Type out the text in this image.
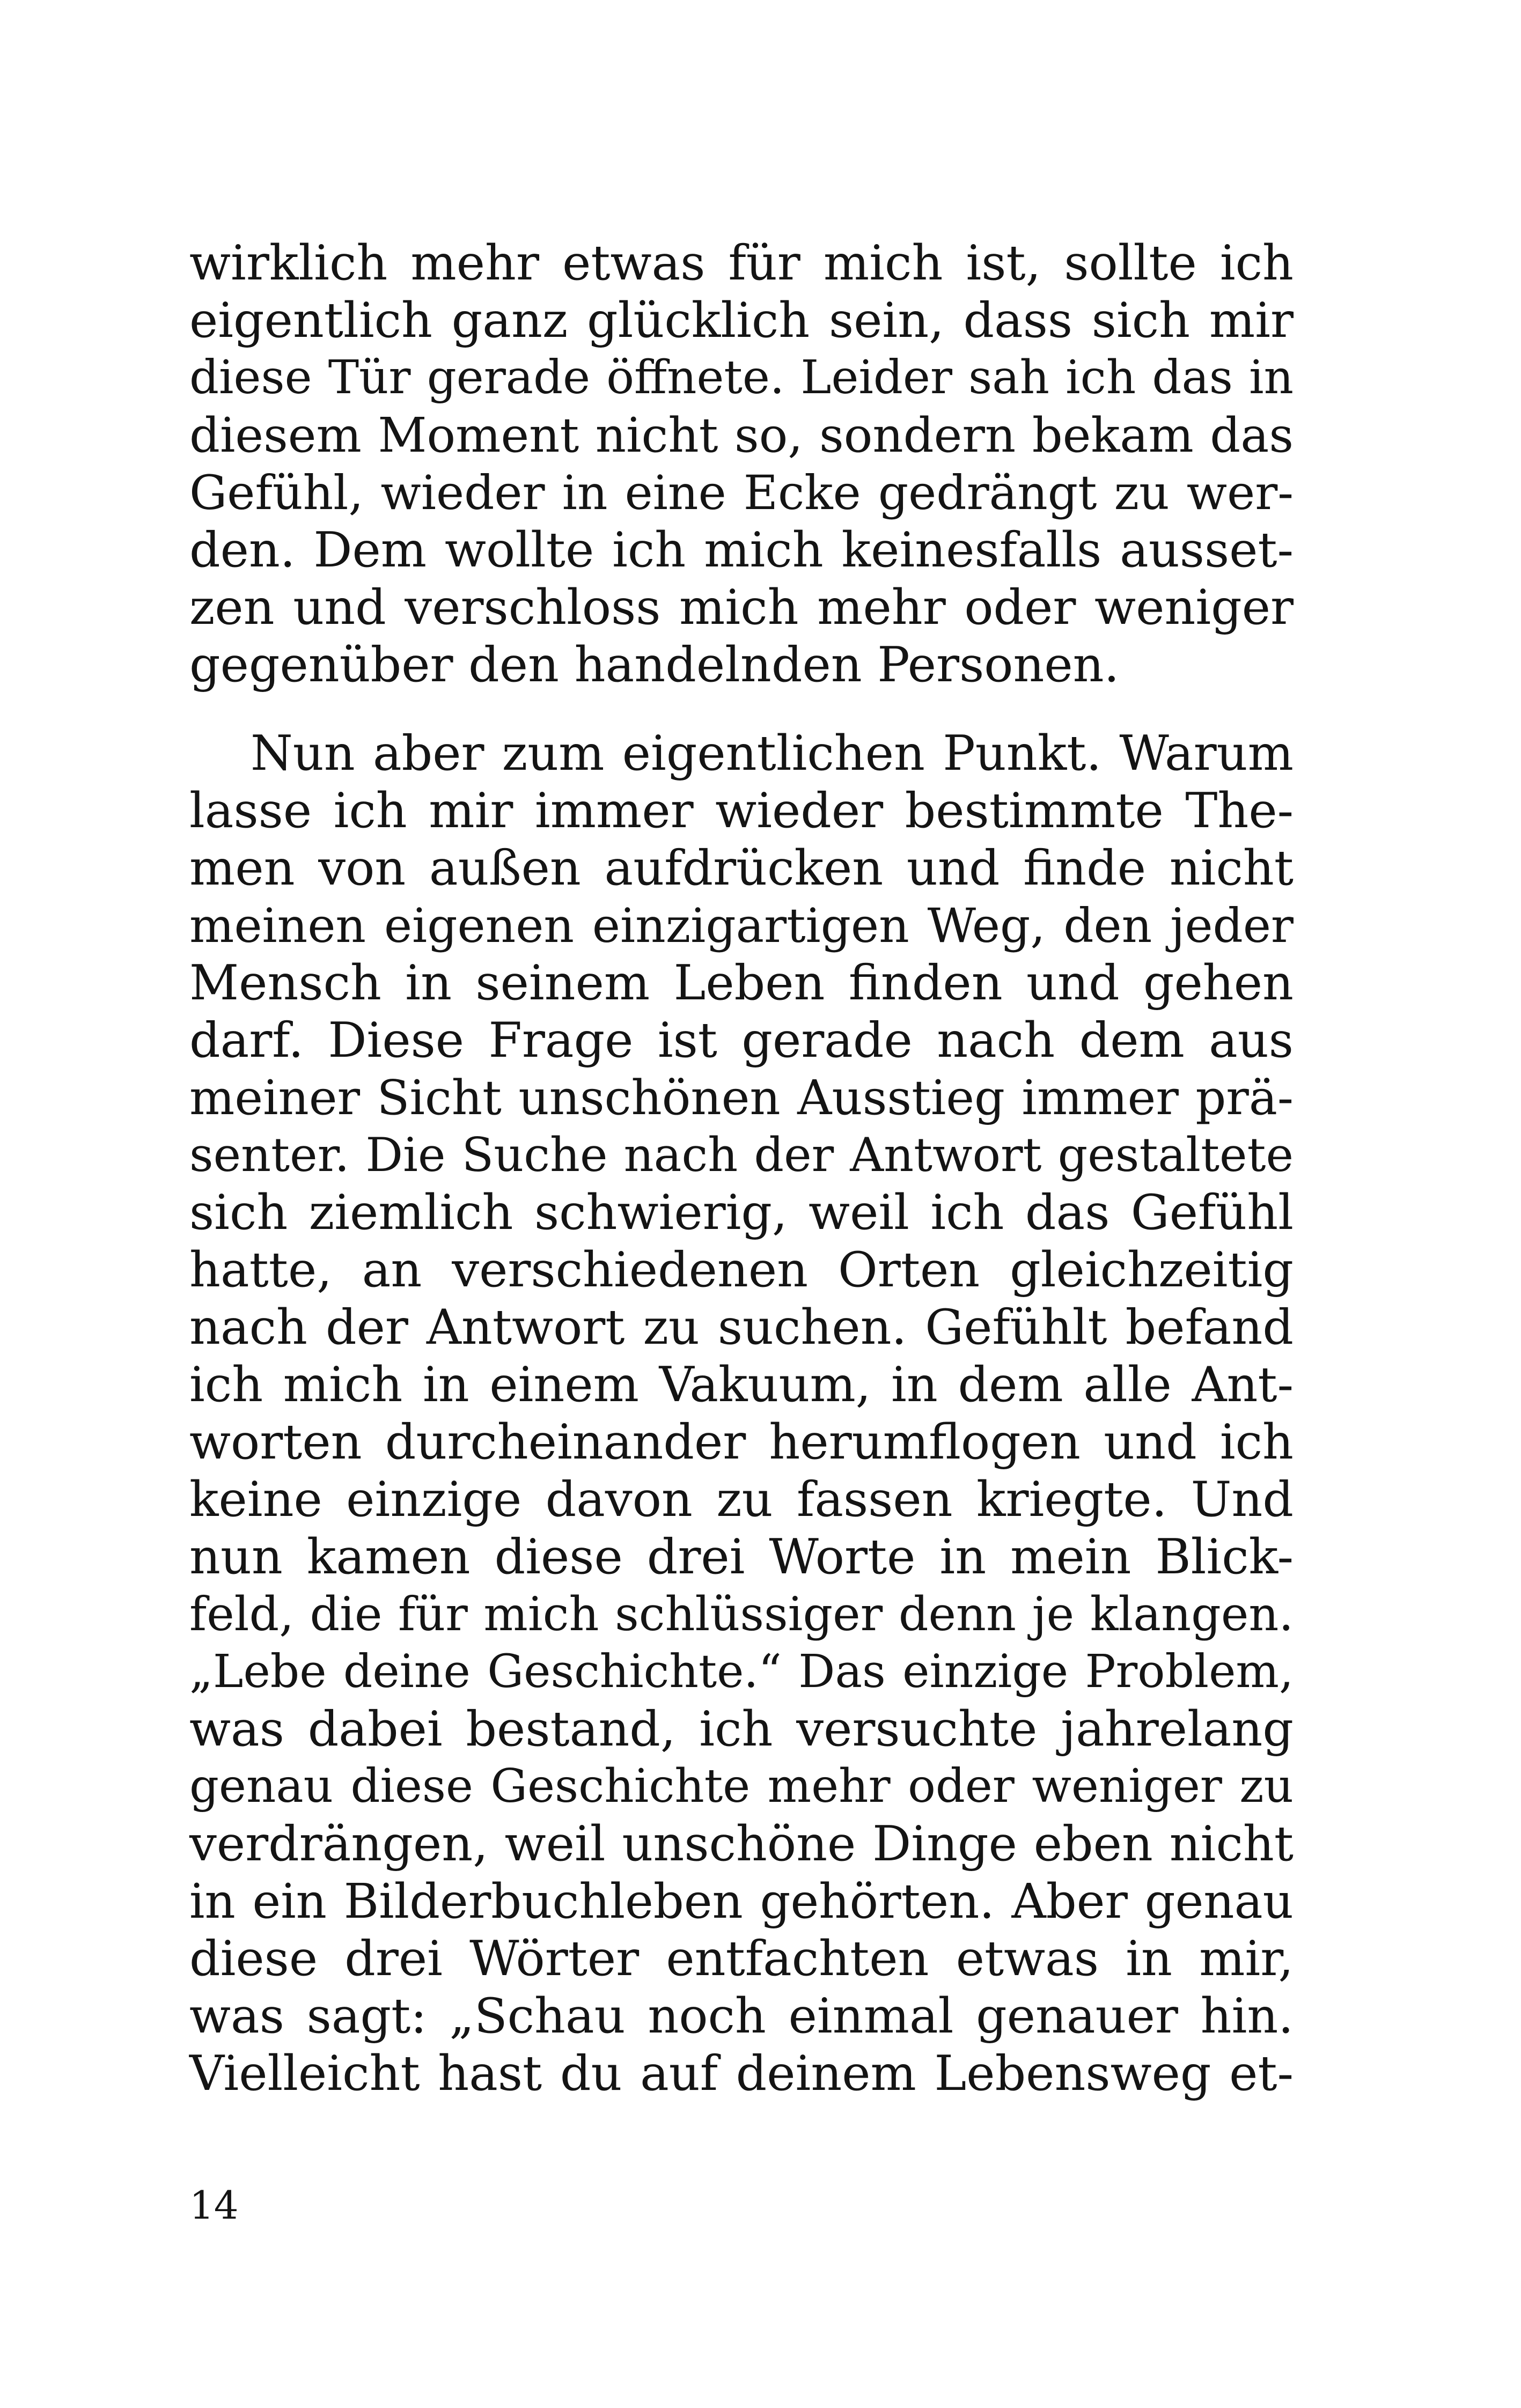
wirklich mehr etwas für mich ist, sollte ich
eigentlich ganz glücklich sein, dass sich mir
diese Tür gerade öffnete. Leider sah ich das in
diesem Moment nicht so, sondern bekam das
Gefühl, wieder in eine Ecke gedrängt zu wer-
den. Dem wollte ich mich keinesfalls ausset-
zen und verschloss mich mehr oder weniger
gegenüber den handelnden Personen.
Nun aber zum eigentlichen Punkt. Warum
lasse ich mir immer wieder bestimmte The-
men von außen aufdrücken und finde nicht
meinen eigenen einzigartigen Weg, den jeder
Mensch in seinem Leben finden und gehen
darf. Diese Frage ist gerade nach dem aus
meiner Sicht unschönen Ausstieg immer prä-
senter. Die Suche nach der Antwort gestaltete
sich ziemlich schwierig, weil ich das Gefühl
hatte, an verschiedenen Orten gleichzeitig
nach der Antwort zu suchen. Gefühlt befand
ich mich in einem Vakuum, in dem alle Ant-
worten durcheinander herumflogen und ich
keine einzige davon zu fassen kriegte. Und
nun kamen diese drei Worte in mein Blick-
feld, die für mich schlüssiger denn je klangen.
„Lebe deine Geschichte.“ Das einzige Problem,
was dabei bestand, ich versuchte jahrelang
genau diese Geschichte mehr oder weniger zu
verdrängen, weil unschöne Dinge eben nicht
in ein Bilderbuchleben gehörten. Aber genau
diese drei Wörter entfachten etwas in mir,
was sagt: „Schau noch einmal genauer hin.
Vielleicht hast du auf deinem Lebensweg et-
14
